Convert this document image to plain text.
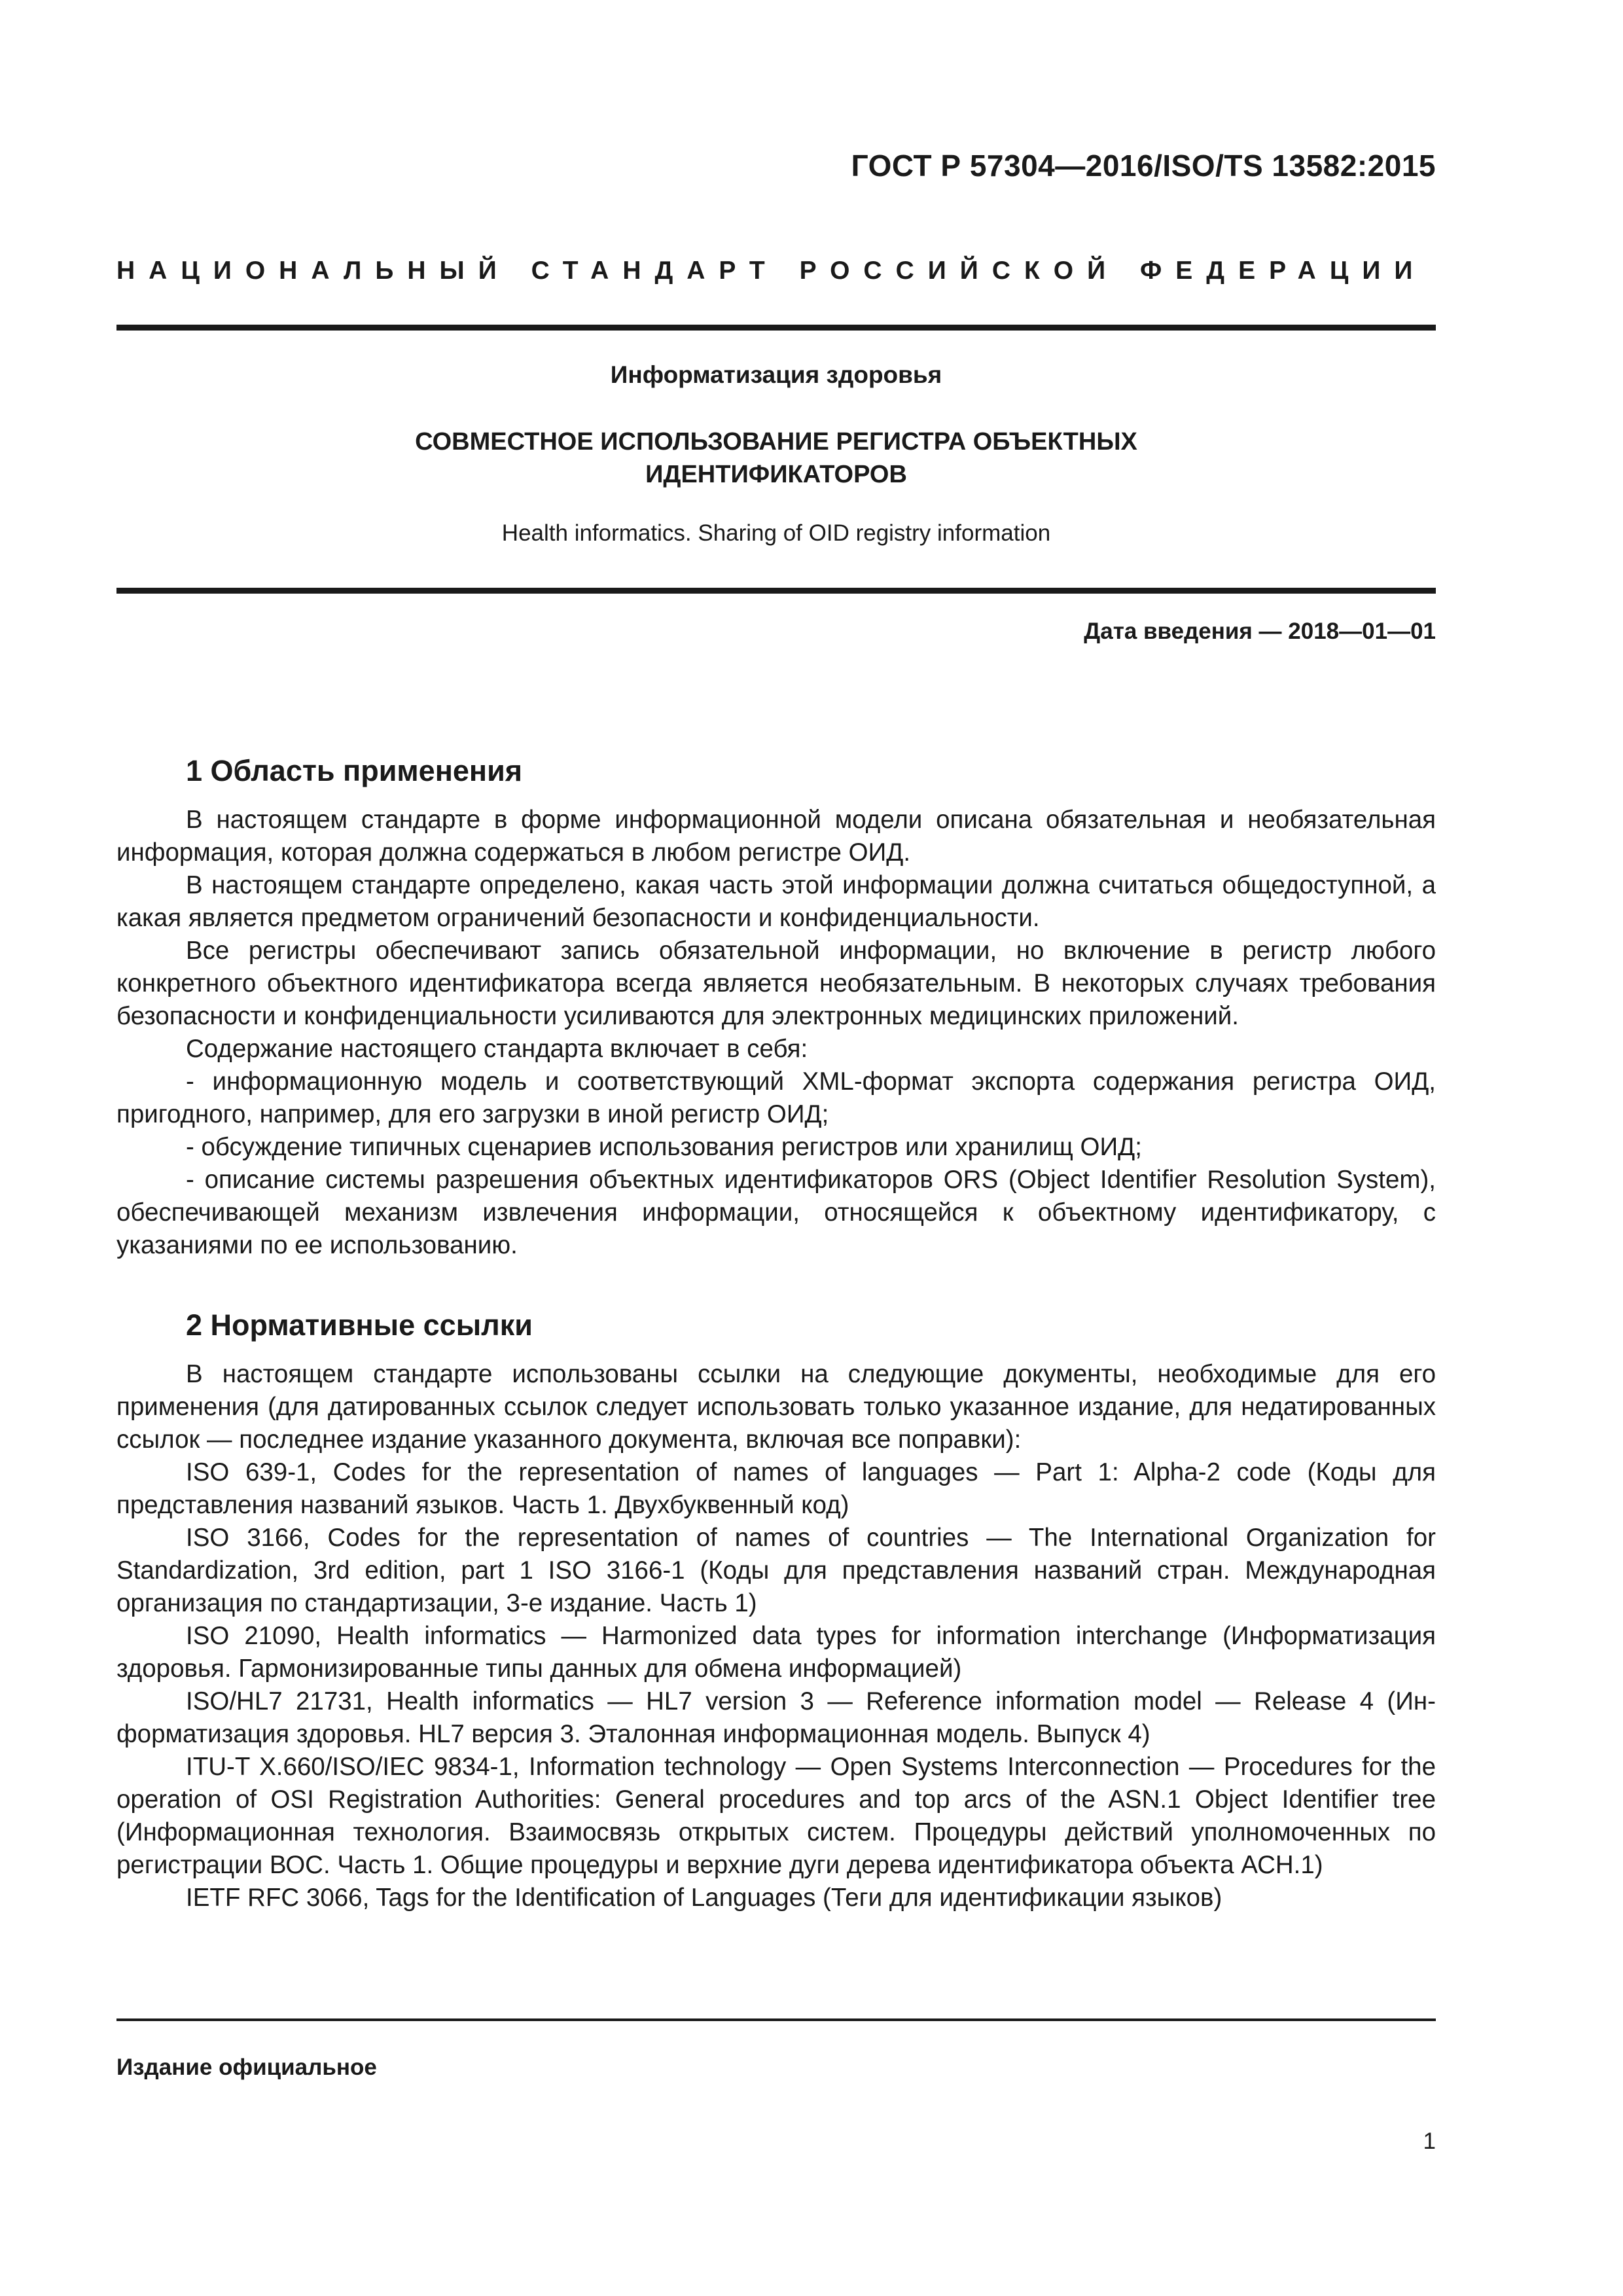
ГОСТ Р 57304—2016/ISO/TS 13582:2015
НАЦИОНАЛЬНЫЙ СТАНДАРТ РОССИЙСКОЙ ФЕДЕРАЦИИ
Информатизация здоровья
СОВМЕСТНОЕ ИСПОЛЬЗОВАНИЕ РЕГИСТРА ОБЪЕКТНЫХ
ИДЕНТИФИКАТОРОВ
Health informatics. Sharing of OID registry information
Дата введения — 2018—01—01
1 Область применения

В настоящем стандарте в форме информационной модели описана обязательная и необязательная информация, которая должна содержаться в любом регистре ОИД.

В настоящем стандарте определено, какая часть этой информации должна считаться общедоступной, а какая является предметом ограничений безопасности и конфиденциальности.

Все регистры обеспечивают запись обязательной информации, но включение в регистр любого конкретного объектного идентификатора всегда является необязательным. В некоторых случаях требования безопасности и конфиденциальности усиливаются для электронных медицинских приложений.

Содержание настоящего стандарта включает в себя:

- информационную модель и соответствующий XML-формат экспорта содержания регистра ОИД, пригодного, например, для его загрузки в иной регистр ОИД;

- обсуждение типичных сценариев использования регистров или хранилищ ОИД;

- описание системы разрешения объектных идентификаторов ORS (Object Identifier Resolution System), обеспечивающей механизм извлечения информации, относящейся к объектному идентификатору, с указаниями по ее использованию.

2 Нормативные ссылки

В настоящем стандарте использованы ссылки на следующие документы, необходимые для его применения (для датированных ссылок следует использовать только указанное издание, для недатированных ссылок — последнее издание указанного документа, включая все поправки):

ISO 639-1, Codes for the representation of names of languages — Part 1: Alpha-2 code (Коды для представления названий языков. Часть 1. Двухбуквенный код)

ISO 3166, Codes for the representation of names of countries — The International Organization for Standardization, 3rd edition, part 1 ISO 3166-1 (Коды для представления названий стран. Международная организация по стандартизации, 3-е издание. Часть 1)

ISO 21090, Health informatics — Harmonized data types for information interchange (Информатизация здоровья. Гармонизированные типы данных для обмена информацией)

ISO/HL7 21731, Health informatics — HL7 version 3 — Reference information model — Release 4 (Информатизация здоровья. HL7 версия 3. Эталонная информационная модель. Выпуск 4)

ITU-T X.660/ISO/IEC 9834-1, Information technology — Open Systems Interconnection — Procedures for the operation of OSI Registration Authorities: General procedures and top arcs of the ASN.1 Object Identifier tree (Информационная технология. Взаимосвязь открытых систем. Процедуры действий уполномоченных по регистрации ВОС. Часть 1. Общие процедуры и верхние дуги дерева идентификатора объекта АСН.1)

IETF RFC 3066, Tags for the Identification of Languages (Теги для идентификации языков)

Издание официальное
1
